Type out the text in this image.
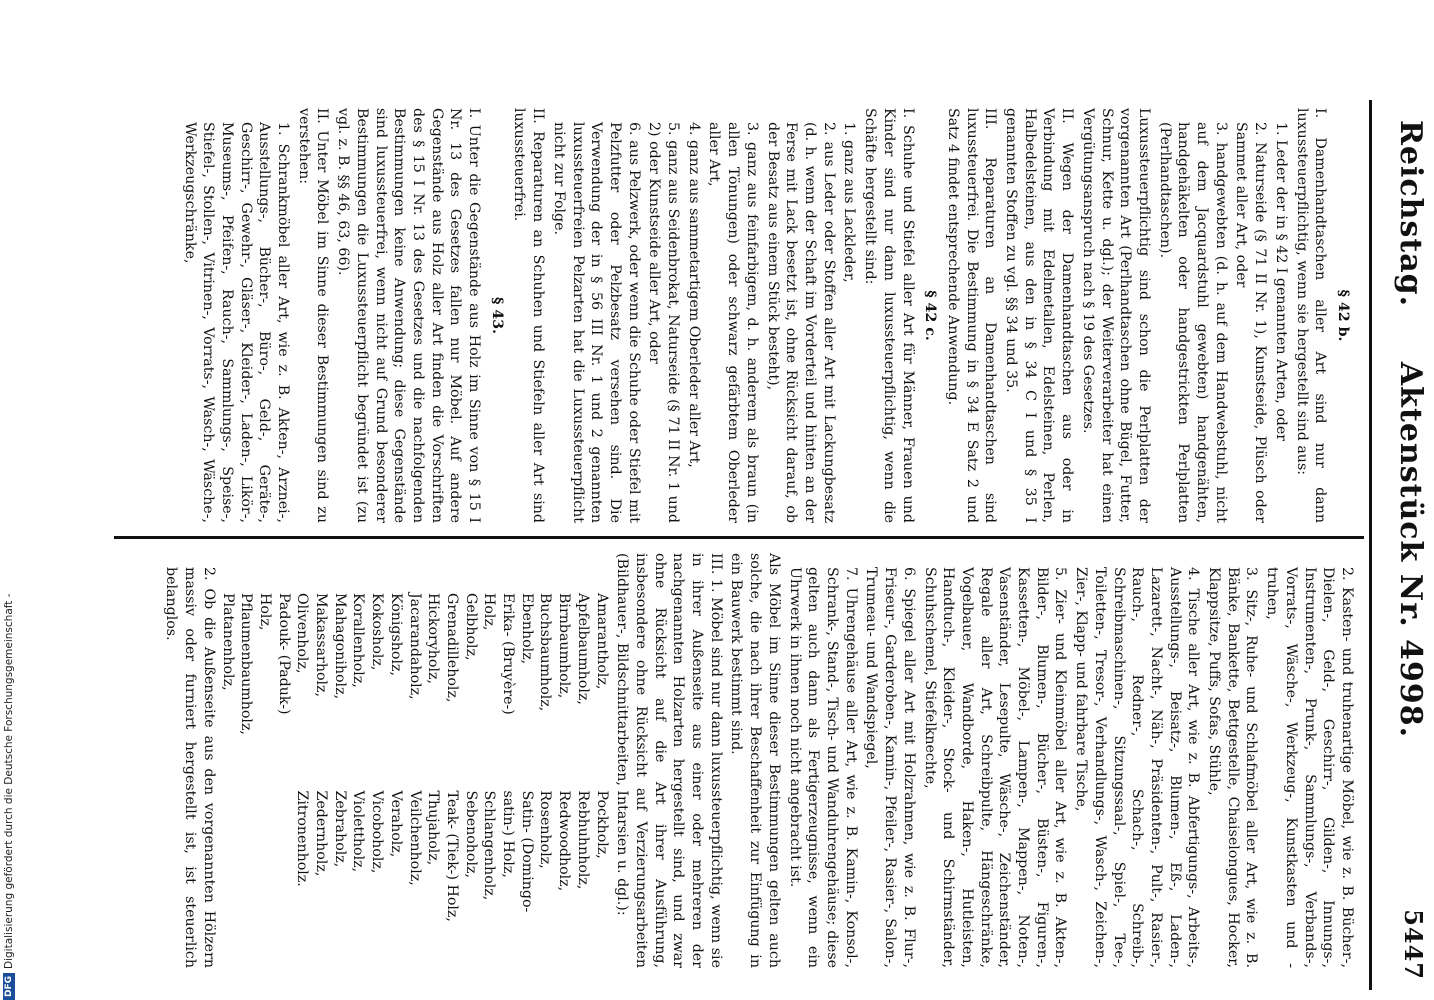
Reichstag.
Aktenstück Nr. 4998.
5447

§ 42 b.

I. Damenhandtaschen aller Art sind nur dann luxussteuerpflichtig, wenn sie hergestellt sind aus:

1. Leder der in § 42 I genannten Arten, oder

2. Naturseide (§ 71 II Nr. 1), Kunstseide, Plüsch oder Sammet aller Art, oder

3. handgewebten (d. h. auf dem Handwebstuhl, nicht auf dem Jacquardstuhl gewebten) handgenähten, handgehäkelten oder handgestrickten Perlplatten (Perlhandtaschen).

Luxussteuerpflichtig sind schon die Perlplatten der vorgenannten Art (Perlhandtaschen ohne Bügel, Futter, Schnur, Kette u. dgl.); der Weiterverarbeiter hat einen Vergütungsanspruch nach § 19 des Gesetzes.

II. Wegen der Damenhandtaschen aus oder in Verbindung mit Edelmetallen, Edelsteinen, Perlen, Halbedelsteinen, aus den in § 34 C I und § 35 I genannten Stoffen zu vgl. §§ 34 und 35.

III. Reparaturen an Damenhandtaschen sind luxussteuerfrei. Die Bestimmung in § 34 E Satz 2 und Satz 4 findet entsprechende Anwendung.

§ 42 c.

I. Schuhe und Stiefel aller Art für Männer, Frauen und Kinder sind nur dann luxussteuerpflichtig, wenn die Schäfte hergestellt sind:

1. ganz aus Lackleder,

2. aus Leder oder Stoffen aller Art mit Lackungbesatz (d. h. wenn der Schaft im Vorderteil und hinten an der Ferse mit Lack besetzt ist, ohne Rücksicht darauf, ob der Besatz aus einem Stück besteht),

3. ganz aus feinfarbigem, d. h. anderem als braun (in allen Tönungen) oder schwarz gefärbtem Oberleder aller Art,

4. ganz aus sammetartigem Oberleder aller Art,

5. ganz aus Seidenbrokat, Naturseide (§ 71 II Nr. 1 und 2) oder Kunstseide aller Art, oder

6. aus Pelzwerk, oder wenn die Schuhe oder Stiefel mit Pelzfutter oder Pelzbesatz versehen sind. Die Verwendung der in § 56 III Nr. 1 und 2 genannten luxussteuerfreien Pelzarten hat die Luxussteuerpflicht nicht zur Folge.

II. Reparaturen an Schuhen und Stiefeln aller Art sind luxussteuerfrei.

§ 43.

I. Unter die Gegenstände aus Holz im Sinne von § 15 I Nr. 13 des Gesetzes fallen nur Möbel. Auf andere Gegenstände aus Holz aller Art finden die Vorschriften des § 15 I Nr. 13 des Gesetzes und die nachfolgenden Bestimmungen keine Anwendung; diese Gegenstände sind luxussteuerfrei, wenn nicht auf Grund besonderer Bestimmungen die Luxussteuerpflicht begründet ist (zu vgl. z. B. §§ 46, 63, 66).

II. Unter Möbel im Sinne dieser Bestimmungen sind zu verstehen:

1. Schrankmöbel aller Art, wie z. B. Akten-, Arznei-, Ausstellungs-, Bücher-, Büro-, Geld-, Geräte-, Geschirr-, Gewehr-, Gläser-, Kleider-, Laden-, Likör-, Museums-, Pfeifen-, Rauch-, Sammlungs-, Speise-, Stiefel-, Stollen-, Vitrinen-, Vorrats-, Wasch-, Wäsche-, Werkzeugschränke,

2. Kasten- und truhenartige Möbel, wie z. B. Bücher-, Dielen-, Geld-, Geschirr-, Gilden-, Innungs-, Instrumenten-, Prunk-, Sammlungs-, Verbands-, Vorrats-, Wäsche-, Werkzeug-, Kunstkasten und -truhen,

3. Sitz-, Ruhe- und Schlafmöbel aller Art, wie z. B. Bänke, Bankette, Bettgestelle, Chaiselongues, Hocker, Klappsitze, Puffs, Sofas, Stühle,

4. Tische aller Art, wie z. B. Abfertigungs-, Arbeits-, Ausstellungs-, Beisatz-, Blumen-, Eß-, Laden-, Lazarett-, Nacht-, Näh-, Präsidenten-, Pult-, Rasier-, Rauch-, Redner-, Schach-, Schreib-, Schreibmaschinen-, Sitzungssaal-, Spiel-, Tee-, Toiletten-, Tresor-, Verhandlungs-, Wasch-, Zeichen-, Zier-, Klapp- und fahrbare Tische,

5. Zier- und Kleinmöbel aller Art, wie z. B. Akten-, Bilder-, Blumen-, Bücher-, Büsten-, Figuren-, Kassetten-, Möbel-, Lampen-, Mappen-, Noten-, Vasenständer, Lesepulte, Wäsche-, Zeichenständer, Regale aller Art, Schreibpulte, Hängeschränke, Vogelbauer, Wandborde, Haken-, Hutleisten, Handtuch-, Kleider-, Stock- und Schirmständer, Schuhschemel, Stiefelknechte,

6. Spiegel aller Art mit Holzrahmen, wie z. B. Flur-, Friseur-, Garderoben-, Kamin-, Pfeiler-, Rasier-, Salon-, Trumeau- und Wandspiegel,

7. Uhrengehäuse aller Art, wie z. B. Kamin-, Konsol-, Schrank-, Stand-, Tisch- und Wanduhrengehäuse; diese gelten auch dann als Fertigerzeugnisse, wenn ein Uhrwerk in ihnen noch nicht angebracht ist.

Als Möbel im Sinne dieser Bestimmungen gelten auch solche, die nach ihrer Beschaffenheit zur Einfügung in ein Bauwerk bestimmt sind.

III. 1. Möbel sind nur dann luxussteuerpflichtig, wenn sie in ihrer Außenseite aus einer oder mehreren der nachgenannten Holzarten hergestellt sind, und zwar ohne Rücksicht auf die Art ihrer Ausführung, insbesondere ohne Rücksicht auf Verzierungsarbeiten (Bildhauer-, Bildschnittarbeiten, Intarsien u. dgl.):

Amarantholz,
Apfelbaumholz,
Birnbaumholz,
Buchsbaumholz,
Ebenholz,
Erika- (Bruyère-)
Holz,
Gelbholz,
Grenadilleholz,
Hickoryholz,
Jacarandaholz,
Königsholz,
Kokosholz,
Korallenholz,
Mahagoniholz,
Makassarholz,
Olivenholz,
Padouk- (Paduk-)
Holz,
Pflaumenbaumholz,
Platanenholz,
Pockholz,
Rebhuhnholz,
Redwoodholz,
Rosenholz,
Satin- (Domingo-
satin-) Holz,
Schlangenholz,
Sebenoholz,
Teak- (Tiek-) Holz,
Thujaholz,
Veilchenholz,
Veraholz,
Vicoboholz,
Violettholz,
Zebraholz,
Zedernholz,
Zitronenholz.

2. Ob die Außenseite aus den vorgenannten Hölzern massiv oder furniert hergestellt ist, ist steuerlich belanglos.

DFG
Digitalisierung gefördert durch die Deutsche Forschungsgemeinschaft -
